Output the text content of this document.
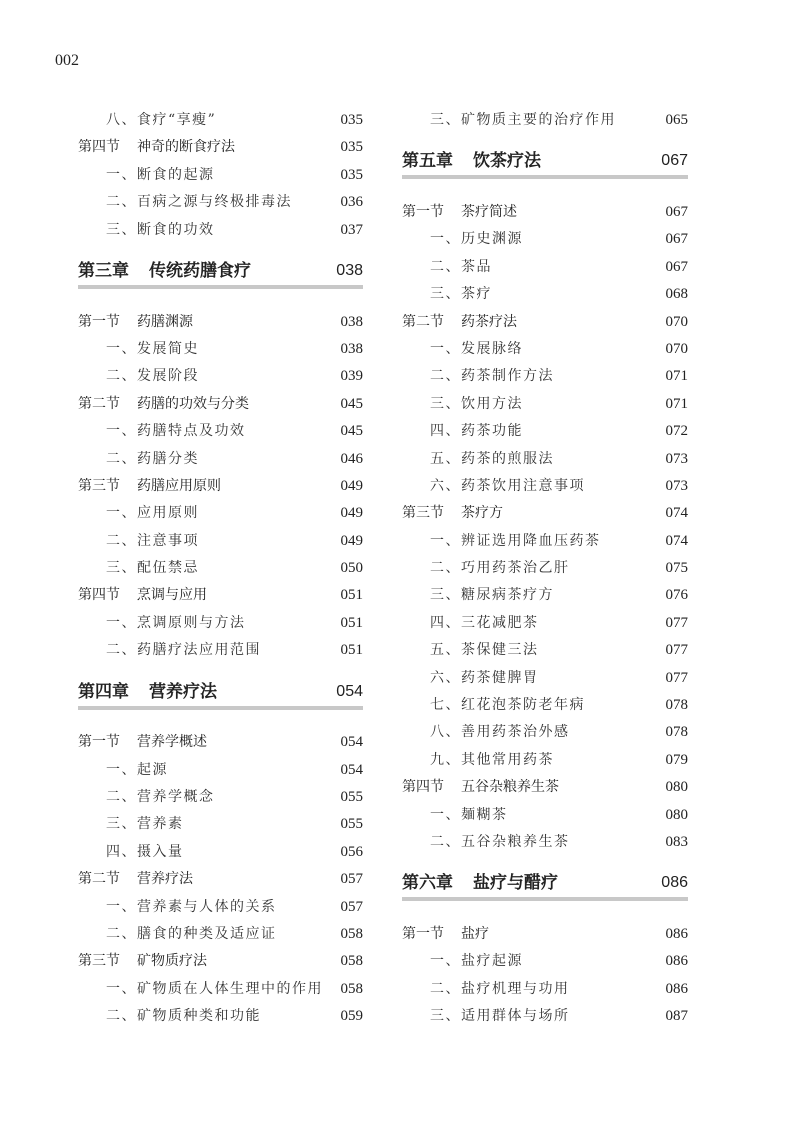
002
八、食疗“享瘦”	035
第四节 神奇的断食疗法	035
一、断食的起源	035
二、百病之源与终极排毒法	036
三、断食的功效	037
第三章 传统药膳食疗	038
第一节 药膳渊源	038
一、发展简史	038
二、发展阶段	039
第二节 药膳的功效与分类	045
一、药膳特点及功效	045
二、药膳分类	046
第三节 药膳应用原则	049
一、应用原则	049
二、注意事项	049
三、配伍禁忌	050
第四节 烹调与应用	051
一、烹调原则与方法	051
二、药膳疗法应用范围	051
第四章 营养疗法	054
第一节 营养学概述	054
一、起源	054
二、营养学概念	055
三、营养素	055
四、摄入量	056
第二节 营养疗法	057
一、营养素与人体的关系	057
二、膳食的种类及适应证	058
第三节 矿物质疗法	058
一、矿物质在人体生理中的作用 058
二、矿物质种类和功能	059
三、矿物质主要的治疗作用	065
第五章 饮茶疗法	067
第一节 茶疗简述	067
一、历史渊源	067
二、茶品	067
三、茶疗	068
第二节 药茶疗法	070
一、发展脉络	070
二、药茶制作方法	071
三、饮用方法	071
四、药茶功能	072
五、药茶的煎服法	073
六、药茶饮用注意事项	073
第三节 茶疗方	074
一、辨证选用降血压药茶	074
二、巧用药茶治乙肝	075
三、糖尿病茶疗方	076
四、三花减肥茶	077
五、茶保健三法	077
六、药茶健脾胃	077
七、红花泡茶防老年病	078
八、善用药茶治外感	078
九、其他常用药茶	079
第四节 五谷杂粮养生茶	080
一、麺糊茶	080
二、五谷杂粮养生茶	083
第六章 盐疗与醋疗	086
第一节 盐疗	086
一、盐疗起源	086
二、盐疗机理与功用	086
三、适用群体与场所	087
